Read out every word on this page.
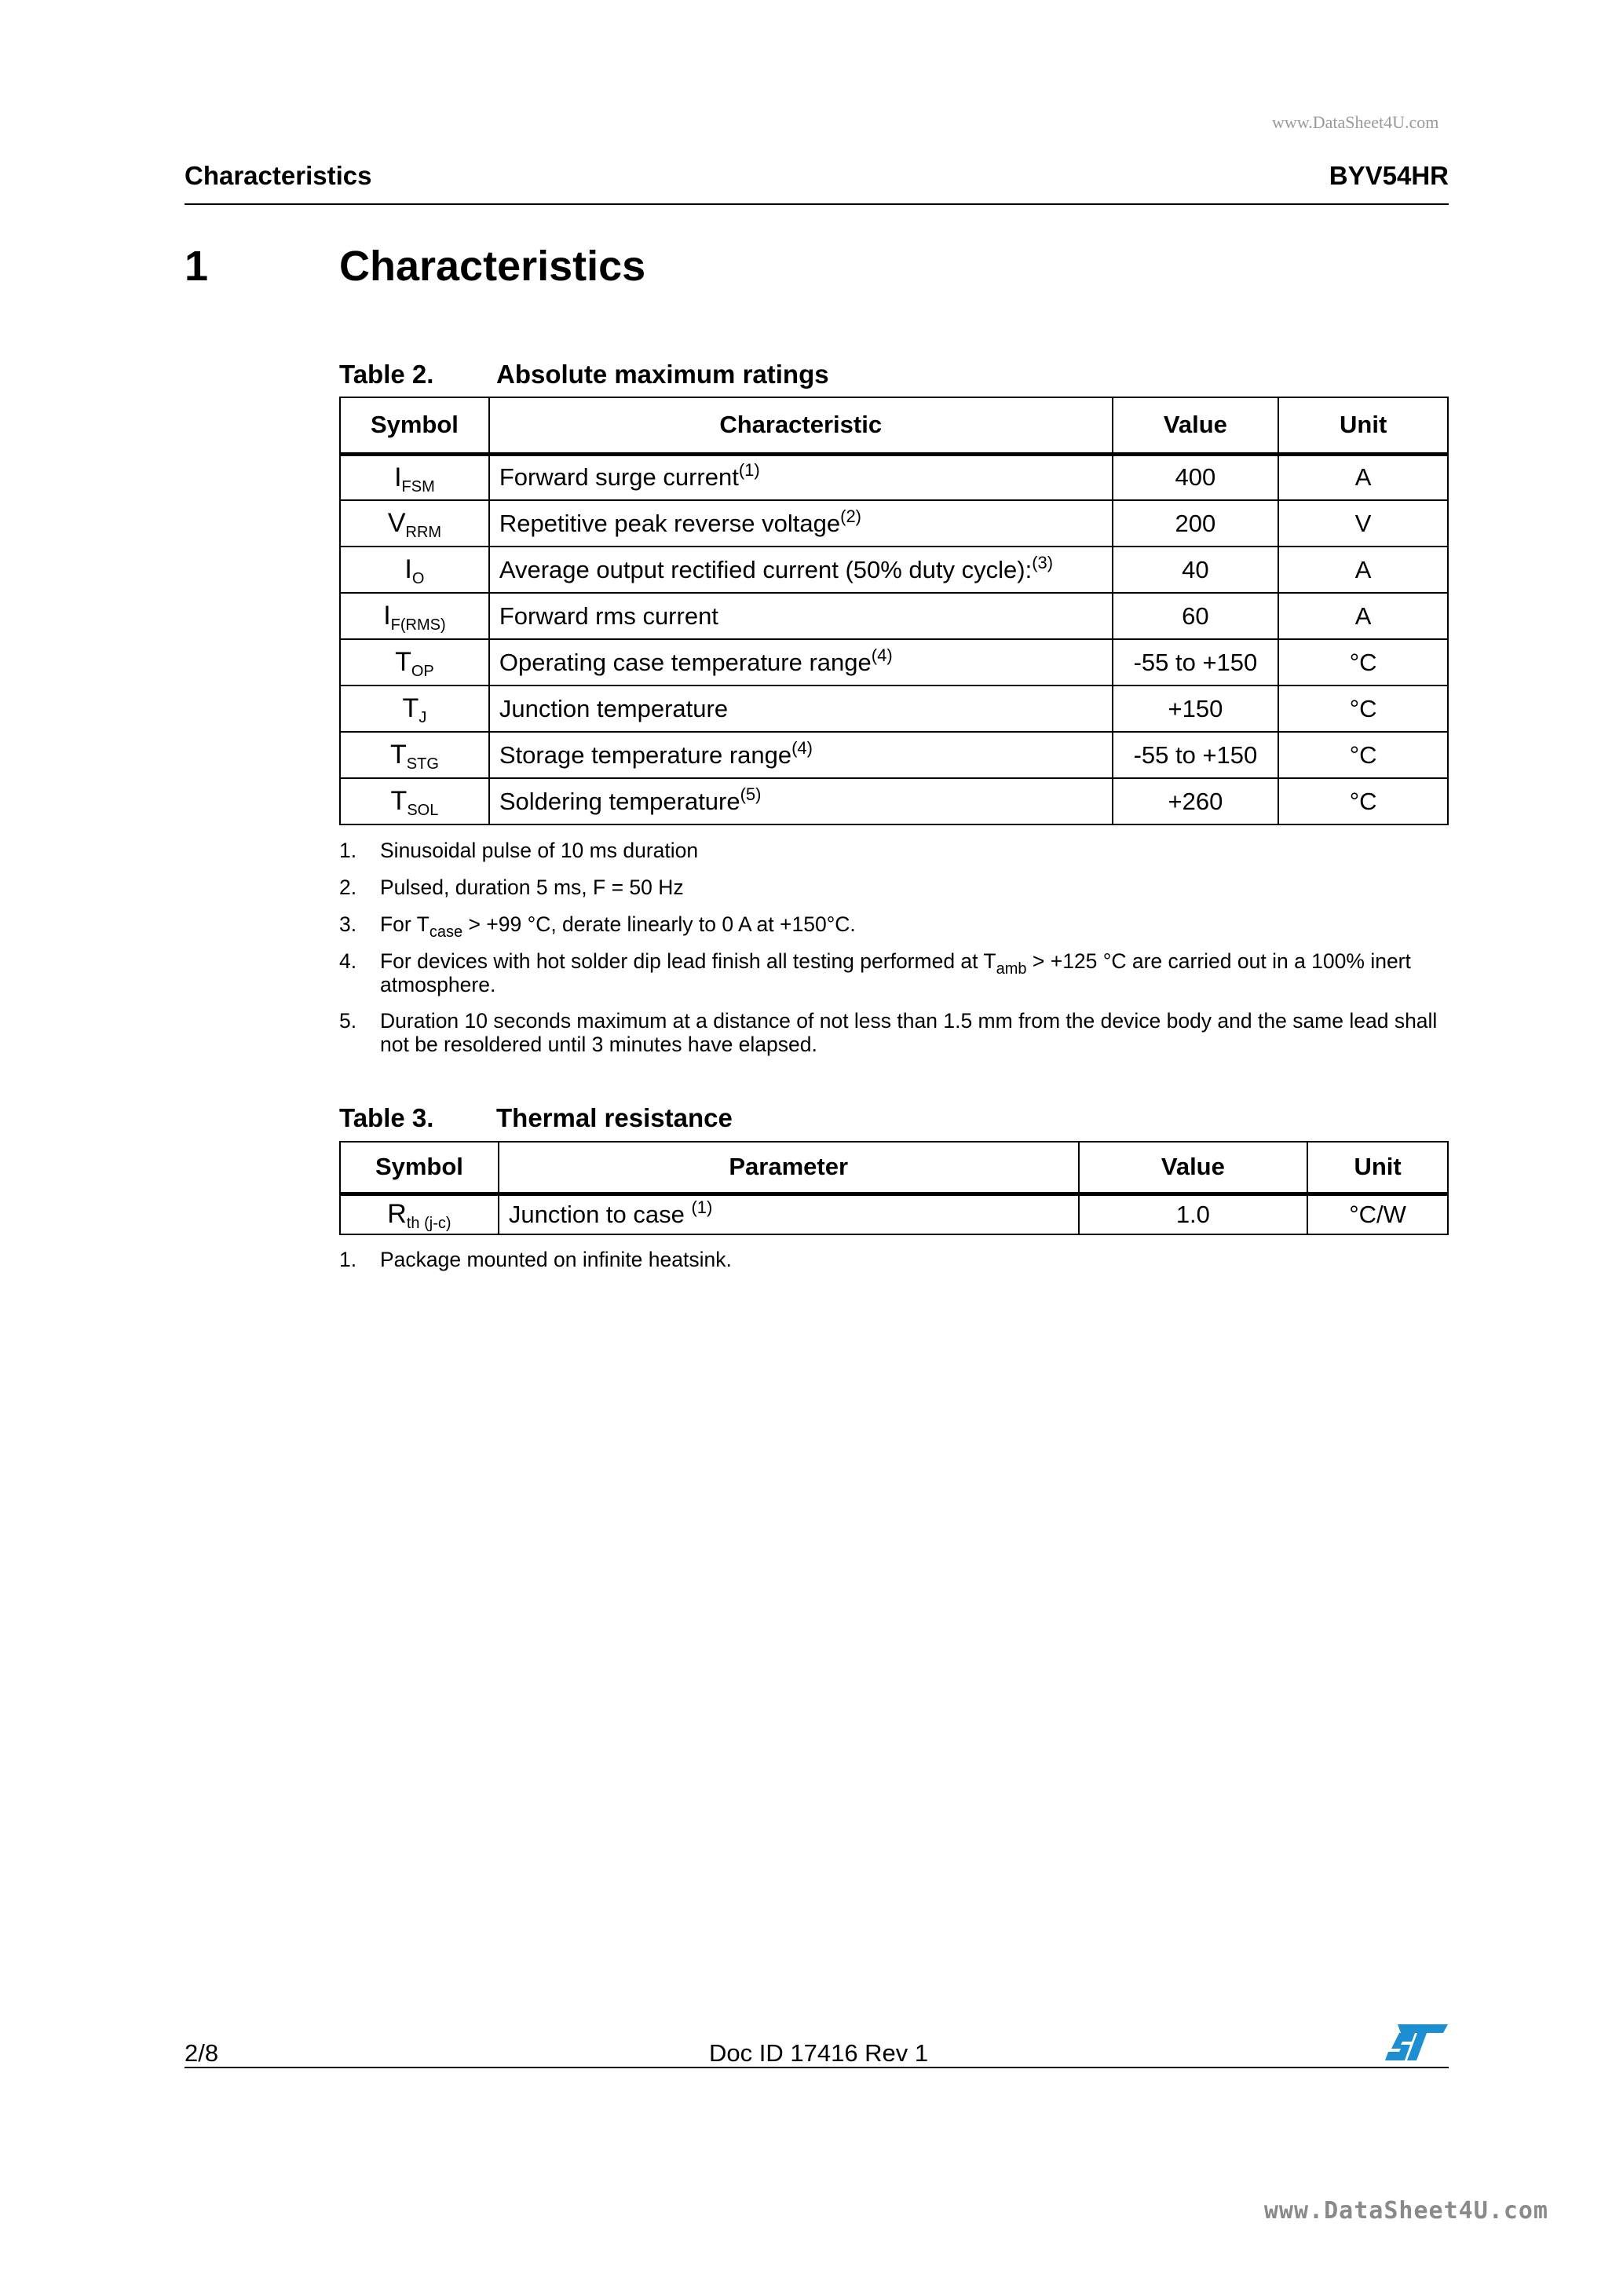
www.DataSheet4U.com
Characteristics	BYV54HR
1	Characteristics
Table 2. Absolute maximum ratings
Symbol	Characteristic	Value	Unit
$I_{FSM}$	Forward surge current$^{(1)}$	400	A
$V_{RRM}$	Repetitive peak reverse voltage$^{(2)}$	200	V
$I_O$	Average output rectified current (50% duty cycle):$^{(3)}$	40	A
$I_{F(RMS)}$	Forward rms current	60	A
$T_{OP}$	Operating case temperature range$^{(4)}$	-55 to +150	°C
$T_J$	Junction temperature	+150	°C
$T_{STG}$	Storage temperature range$^{(4)}$	-55 to +150	°C
$T_{SOL}$	Soldering temperature$^{(5)}$	+260	°C
1. Sinusoidal pulse of 10 ms duration
2. Pulsed, duration 5 ms, F = 50 Hz
3. For $T_{case} > +99$ °C, derate linearly to 0 A at +150°C.
4. For devices with hot solder dip lead finish all testing performed at $T_{amb} > +125$ °C are carried out in a 100% inert atmosphere.
5. Duration 10 seconds maximum at a distance of not less than 1.5 mm from the device body and the same lead shall not be resoldered until 3 minutes have elapsed.
Table 3. Thermal resistance
Symbol	Parameter	Value	Unit
$R_{th (j-c)}$	Junction to case $^{(1)}$	1.0	°C/W
1. Package mounted on infinite heatsink.
2/8	Doc ID 17416 Rev 1
www.DataSheet4U.com
